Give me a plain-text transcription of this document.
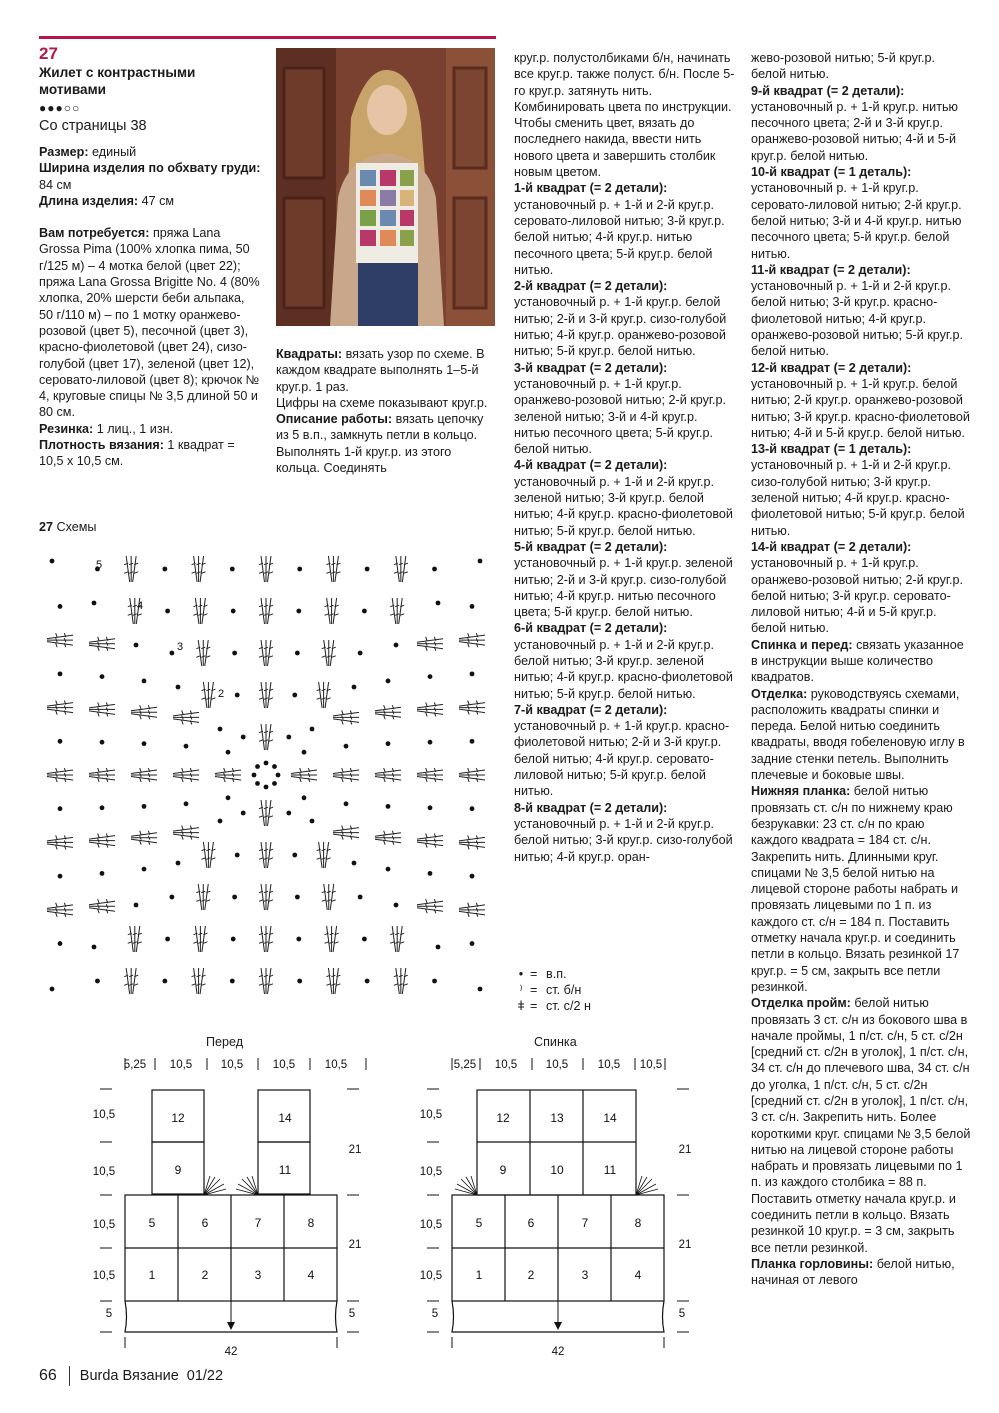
27
Жилет с контрастными мотивами
●●●○○
Со страницы 38

Размер: единый

Ширина изделия по обхвату груди: 84 см

Длина изделия: 47 см

Вам потребуется: пряжа Lana Grossa Pima (100% хлопка пима, 50 г/125 м) – 4 мотка белой (цвет 22); пряжа Lana Grossa Brigitte No. 4 (80% хлопка, 20% шерсти беби альпака, 50 г/110 м) – по 1 мотку оранжево-розовой (цвет 5), песочной (цвет 3), красно-фиолетовой (цвет 24), сизо-голубой (цвет 17), зеленой (цвет 12), серовато-лиловой (цвет 8); крючок № 4, круговые спицы № 3,5 длиной 50 и 80 см.

Резинка: 1 лиц., 1 изн.

Плотность вязания: 1 квадрат = 10,5 х 10,5 см.

Квадраты: вязать узор по схеме. В каждом квадрате выполнять 1–5-й круг.р. 1 раз.

Цифры на схеме показывают круг.р.

Описание работы: вязать цепочку из 5 в.п., замкнуть петли в кольцо. Выполнять 1-й круг.р. из этого кольца. Соединять

круг.р. полустолбиками б/н, начинать все круг.р. также полуст. б/н. После 5-го круг.р. затянуть нить. Комбинировать цвета по инструкции.

Чтобы сменить цвет, вязать до последнего накида, ввести нить нового цвета и завершить столбик новым цветом.

1-й квадрат (= 2 детали): установочный р. + 1-й и 2-й круг.р. серовато-лиловой нитью; 3-й круг.р. белой нитью; 4-й круг.р. нитью песочного цвета; 5-й круг.р. белой нитью.

2-й квадрат (= 2 детали): установочный р. + 1-й круг.р. белой нитью; 2-й и 3-й круг.р. сизо-голубой нитью; 4-й круг.р. оранжево-розовой нитью; 5-й круг.р. белой нитью.

3-й квадрат (= 2 детали): установочный р. + 1-й круг.р. оранжево-розовой нитью; 2-й круг.р. зеленой нитью; 3-й и 4-й круг.р. нитью песочного цвета; 5-й круг.р. белой нитью.

4-й квадрат (= 2 детали): установочный р. + 1-й и 2-й круг.р. зеленой нитью; 3-й круг.р. белой нитью; 4-й круг.р. красно-фиолетовой нитью; 5-й круг.р. белой нитью.

5-й квадрат (= 2 детали): установочный р. + 1-й круг.р. зеленой нитью; 2-й и 3-й круг.р. сизо-голубой нитью; 4-й круг.р. нитью песочного цвета; 5-й круг.р. белой нитью.

6-й квадрат (= 2 детали): установочный р. + 1-й и 2-й круг.р. белой нитью; 3-й круг.р. зеленой нитью; 4-й круг.р. красно-фиолетовой нитью; 5-й круг.р. белой нитью.

7-й квадрат (= 2 детали): установочный р. + 1-й круг.р. красно-фиолетовой нитью; 2-й и 3-й круг.р. белой нитью; 4-й круг.р. серовато-лиловой нитью; 5-й круг.р. белой нитью.

8-й квадрат (= 2 детали): установочный р. + 1-й и 2-й круг.р. белой нитью; 3-й круг.р. сизо-голубой нитью; 4-й круг.р. оран-

жево-розовой нитью; 5-й круг.р. белой нитью.

9-й квадрат (= 2 детали): установочный р. + 1-й круг.р. нитью песочного цвета; 2-й и 3-й круг.р. оранжево-розовой нитью; 4-й и 5-й круг.р. белой нитью.

10-й квадрат (= 1 деталь): установочный р. + 1-й круг.р. серовато-лиловой нитью; 2-й круг.р. белой нитью; 3-й и 4-й круг.р. нитью песочного цвета; 5-й круг.р. белой нитью.

11-й квадрат (= 2 детали): установочный р. + 1-й и 2-й круг.р. белой нитью; 3-й круг.р. красно-фиолетовой нитью; 4-й круг.р. оранжево-розовой нитью; 5-й круг.р. белой нитью.

12-й квадрат (= 2 детали): установочный р. + 1-й круг.р. белой нитью; 2-й круг.р. оранжево-розовой нитью; 3-й круг.р. красно-фиолетовой нитью; 4-й и 5-й круг.р. белой нитью.

13-й квадрат (= 1 деталь): установочный р. + 1-й и 2-й круг.р. сизо-голубой нитью; 3-й круг.р. зеленой нитью; 4-й круг.р. красно-фиолетовой нитью; 5-й круг.р. белой нитью.

14-й квадрат (= 2 детали): установочный р. + 1-й круг.р. оранжево-розовой нитью; 2-й круг.р. белой нитью; 3-й круг.р. серовато-лиловой нитью; 4-й и 5-й круг.р. белой нитью.

Спинка и перед: связать указанное в инструкции выше количество квадратов.

Отделка: руководствуясь схемами, расположить квадраты спинки и переда. Белой нитью соединить квадраты, вводя гобеленовую иглу в задние стенки петель. Выполнить плечевые и боковые швы.

Нижняя планка: белой нитью провязать ст. с/н по нижнему краю безрукавки: 23 ст. с/н по краю каждого квадрата = 184 ст. с/н. Закрепить нить. Длинными круг. спицами № 3,5 белой нитью на лицевой стороне работы набрать и провязать лицевыми по 1 п. из каждого ст. с/н = 184 п. Поставить отметку начала круг.р. и соединить петли в кольцо. Вязать резинкой 17 круг.р. = 5 см, закрыть все петли резинкой.

Отделка пройм: белой нитью провязать 3 ст. с/н из бокового шва в начале проймы, 1 п/ст. с/н, 5 ст. с/2н [средний ст. с/2н в уголок], 1 п/ст. с/н, 34 ст. с/н до плечевого шва, 34 ст. с/н до уголка, 1 п/ст. с/н, 5 ст. с/2н [средний ст. с/2н в уголок], 1 п/ст. с/н, 3 ст. с/н. Закрепить нить. Более короткими круг. спицами № 3,5 белой нитью на лицевой стороне работы набрать и провязать лицевыми по 1 п. из каждого столбика = 88 п. Поставить отметку начала круг.р. и соединить петли в кольцо. Вязать резинкой 10 круг.р. = 3 см, закрыть все петли резинкой.

Планка горловины: белой нитью, начиная от левого

27 Схемы
5
4
3
2
• = в.п.
⁾ = ст. б/н
ǂ = ст. с/2 н
Перед
5,25 10,5 10,5	10,5	10,5
12	14
9	11
5	6	7	8
1	2	3	4
10,5
10,5
10,5
10,5
5
21
21
5
42
Спинка
5,25 10,5 10,5	10,5 10,5
12	13	14
9	10	11
5	6	7	8
1	2	3	4
10,5
10,5
10,5
10,5
5
21
21
5
42
66 Burda Вязание 01/22
